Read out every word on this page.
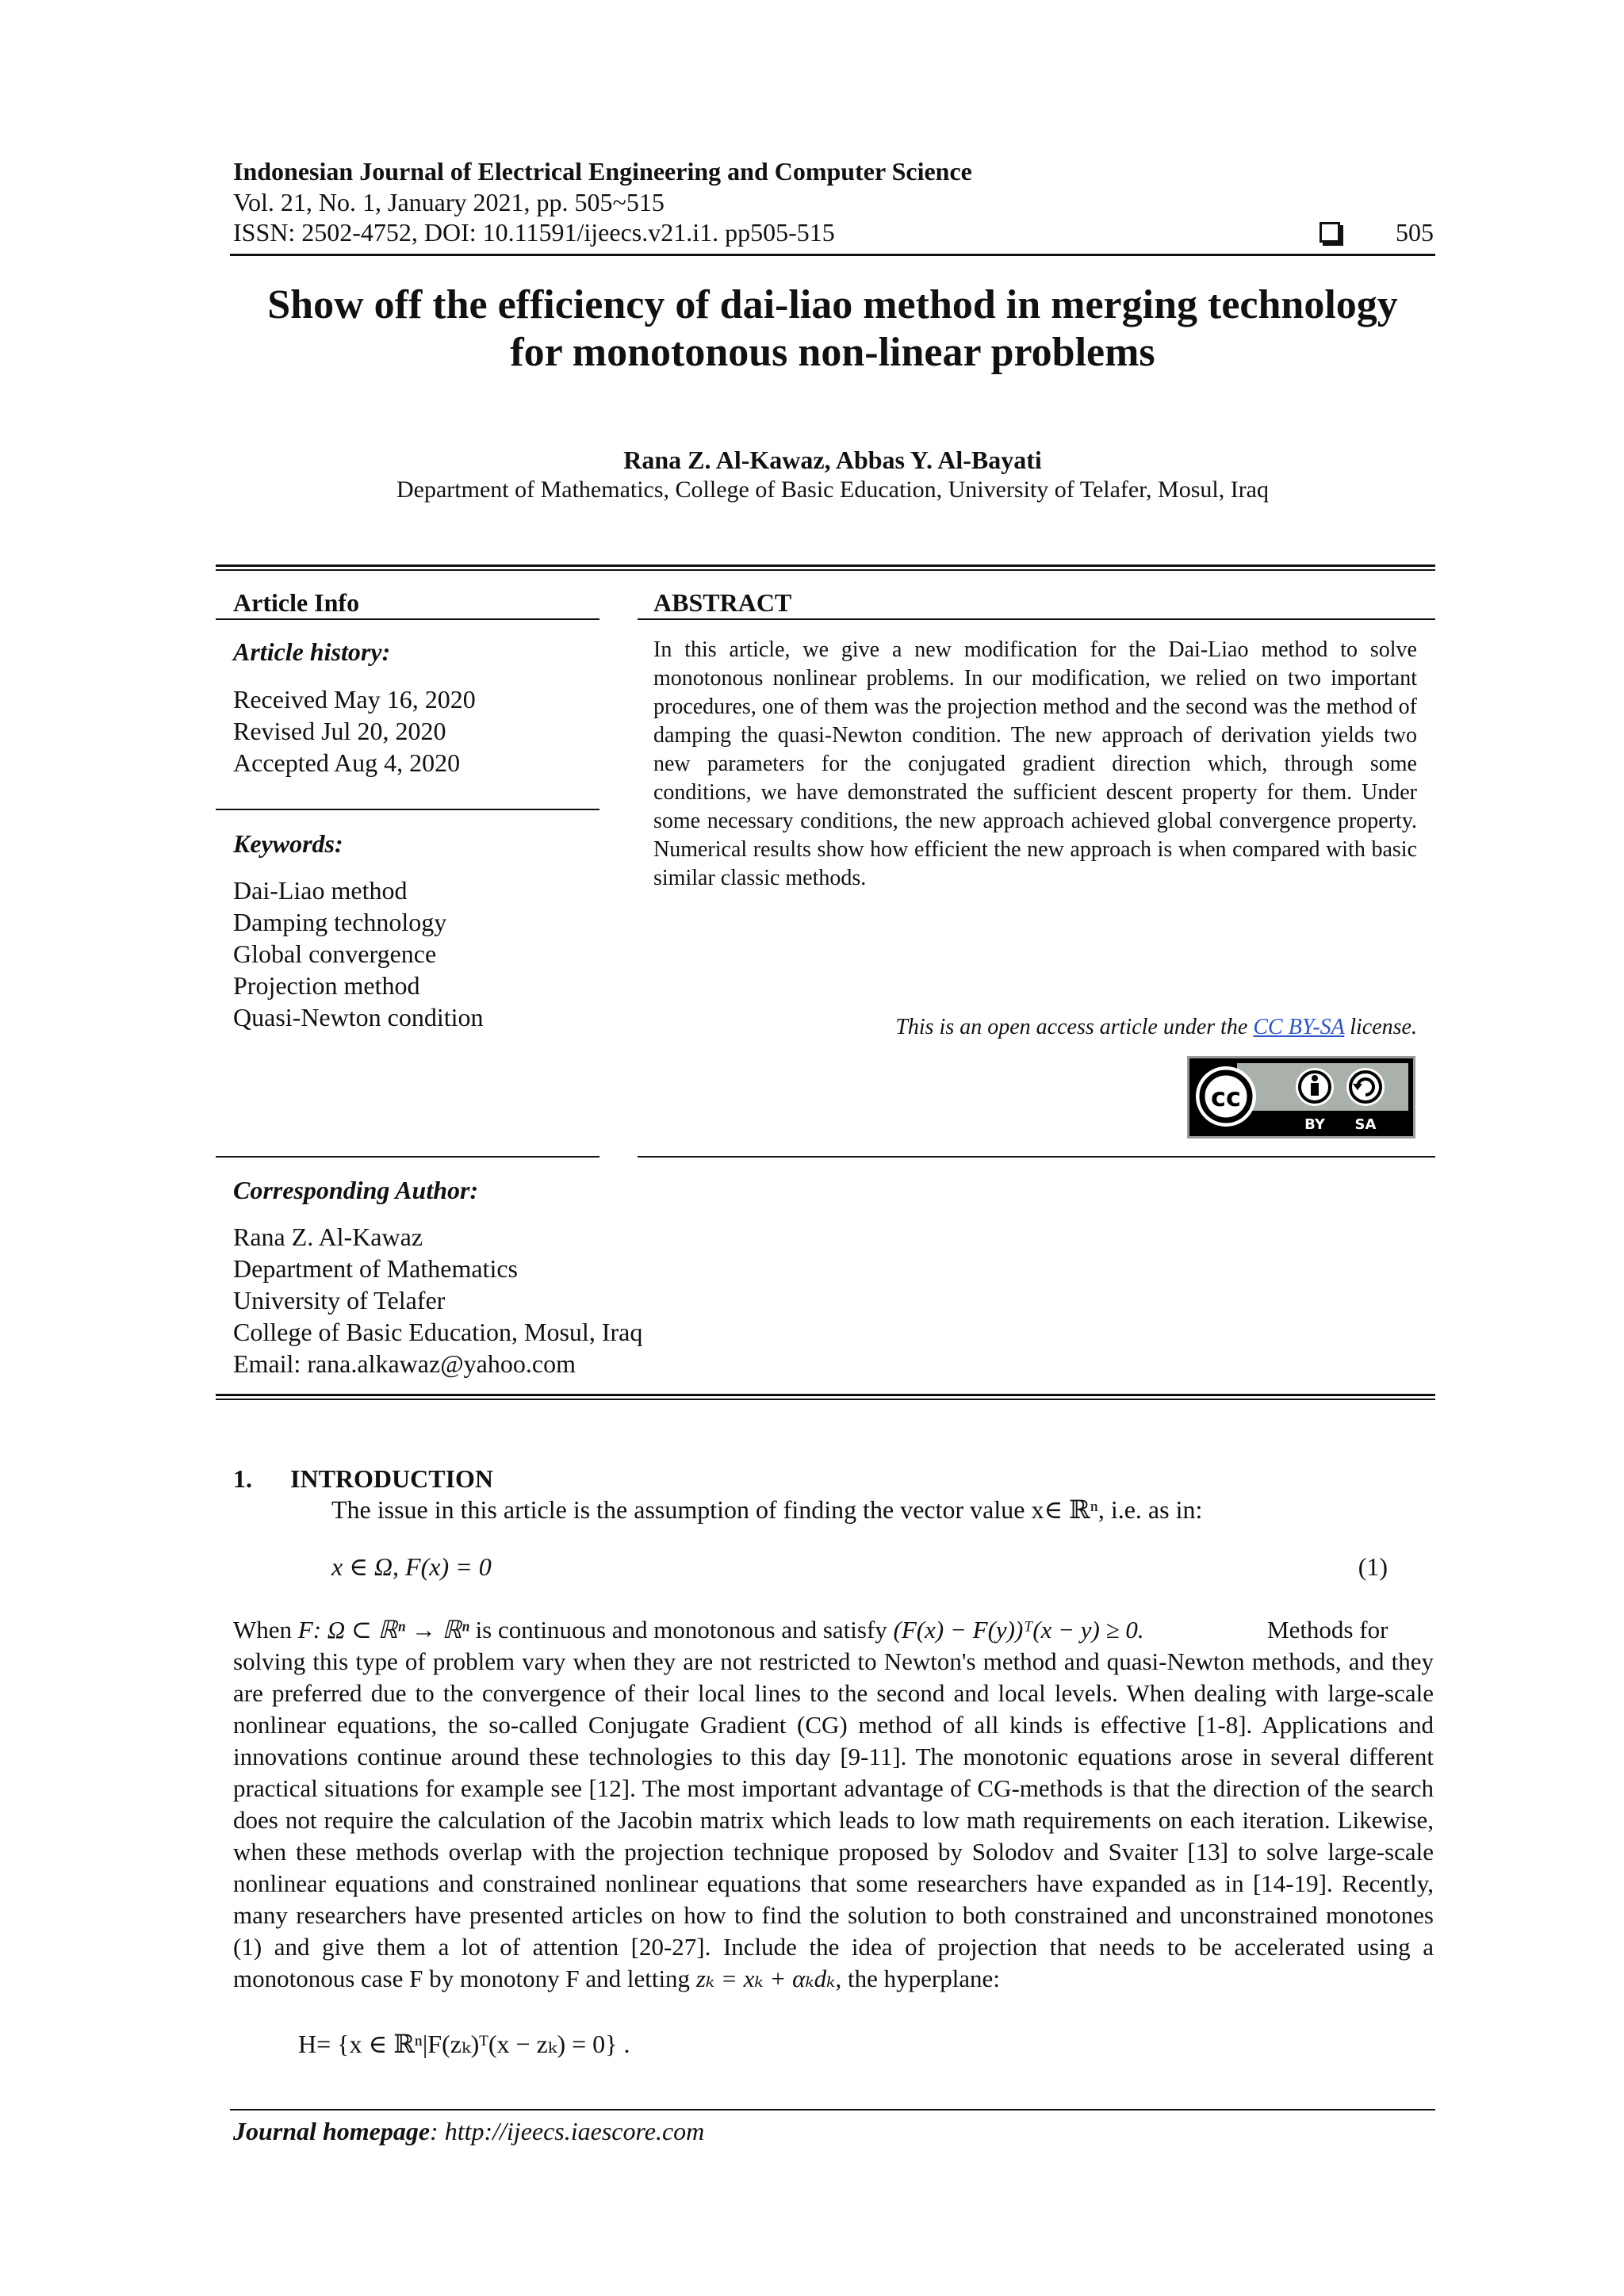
Indonesian Journal of Electrical Engineering and Computer Science
Vol. 21, No. 1, January 2021, pp. 505~515
ISSN: 2502-4752, DOI: 10.11591/ijeecs.v21.i1. pp505-515	505
Show off the efficiency of dai-liao method in merging technology
for monotonous non-linear problems
Rana Z. Al-Kawaz, Abbas Y. Al-Bayati
Department of Mathematics, College of Basic Education, University of Telafer, Mosul, Iraq
Article Info	ABSTRACT
Article history:
Received May 16, 2020
Revised Jul 20, 2020
Accepted Aug 4, 2020
Keywords:
Dai-Liao method
Damping technology
Global convergence
Projection method
Quasi-Newton condition
In this article, we give a new modification for the Dai-Liao method to solve monotonous nonlinear problems. In our modification, we relied on two important procedures, one of them was the projection method and the second was the method of damping the quasi-Newton condition. The new approach of derivation yields two new parameters for the conjugated gradient direction which, through some conditions, we have demonstrated the sufficient descent property for them. Under some necessary conditions, the new approach achieved global convergence property. Numerical results show how efficient the new approach is when compared with basic similar classic methods.
This is an open access article under the CC BY-SA license.
cc
BY SA
Corresponding Author:
Rana Z. Al-Kawaz
Department of Mathematics
University of Telafer
College of Basic Education, Mosul, Iraq
Email: rana.alkawaz@yahoo.com
1. INTRODUCTION
The issue in this article is the assumption of finding the vector value x∈ ℝⁿ, i.e. as in:
x ∈ Ω, F(x) = 0	(1)
When F: Ω ⊂ ℝⁿ → ℝⁿ is continuous and monotonous and satisfy (F(x) − F(y))ᵀ(x − y) ≥ 0.	Methods for
solving this type of problem vary when they are not restricted to Newton's method and quasi-Newton methods, and they are preferred due to the convergence of their local lines to the second and local levels. When dealing with large-scale nonlinear equations, the so-called Conjugate Gradient (CG) method of all kinds is effective [1-8]. Applications and innovations continue around these technologies to this day [9-11]. The monotonic equations arose in several different practical situations for example see [12]. The most important advantage of CG-methods is that the direction of the search does not require the calculation of the Jacobin matrix which leads to low math requirements on each iteration. Likewise, when these methods overlap with the projection technique proposed by Solodov and Svaiter [13] to solve large-scale nonlinear equations and constrained nonlinear equations that some researchers have expanded as in [14-19]. Recently, many researchers have presented articles on how to find the solution to both constrained and unconstrained monotones (1) and give them a lot of attention [20-27]. Include the idea of projection that needs to be accelerated using a monotonous case F by monotony F and letting zₖ = xₖ + αₖdₖ, the hyperplane:
H= {x ∈ ℝⁿ|F(zₖ)ᵀ(x − zₖ) = 0} .
Journal homepage: http://ijeecs.iaescore.com
